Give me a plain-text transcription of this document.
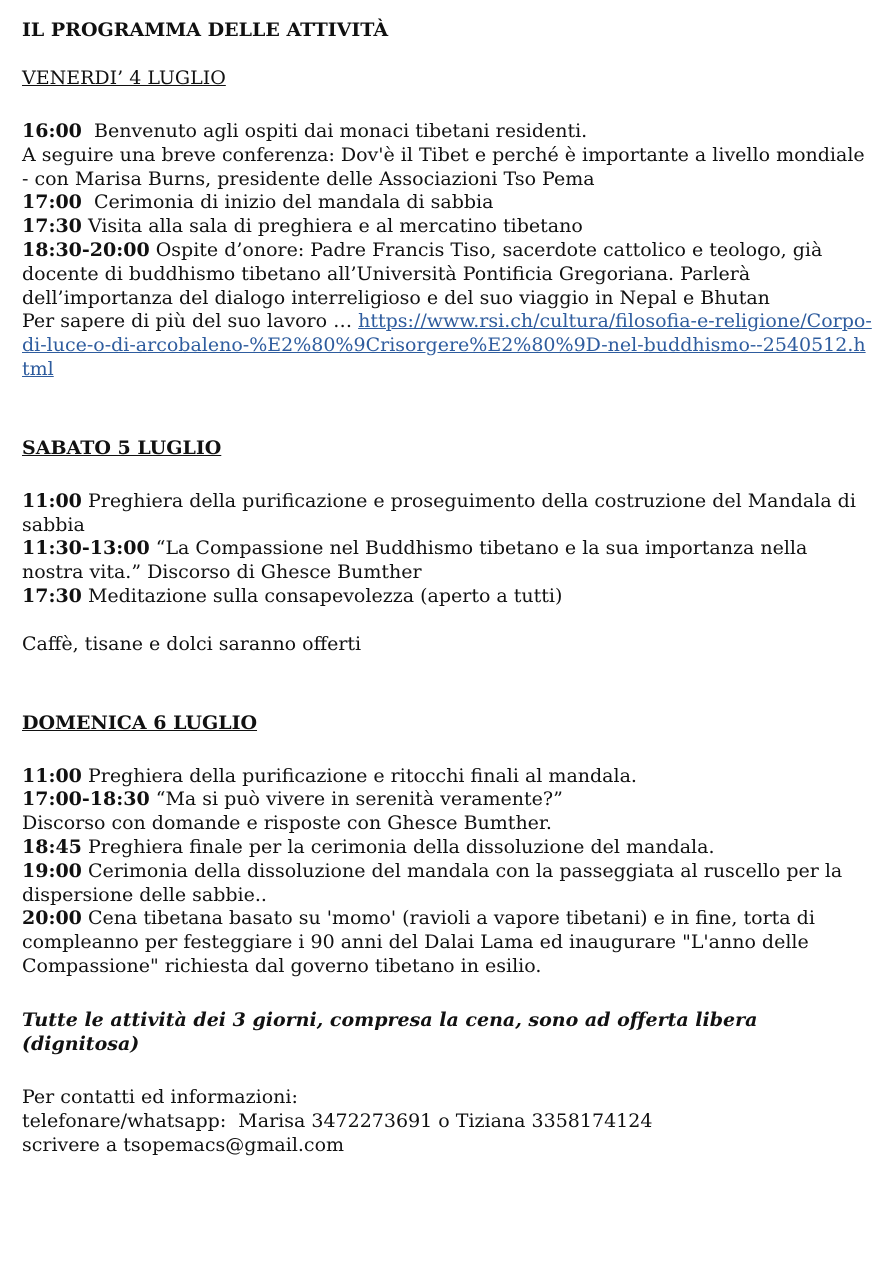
IL PROGRAMMA DELLE ATTIVITÀ
VENERDI’ 4 LUGLIO
16:00  Benvenuto agli ospiti dai monaci tibetani residenti.
A seguire una breve conferenza: Dov'è il Tibet e perché è importante a livello mondiale - con Marisa Burns, presidente delle Associazioni Tso Pema
17:00  Cerimonia di inizio del mandala di sabbia
17:30 Visita alla sala di preghiera e al mercatino tibetano
18:30-20:00 Ospite d’onore: Padre Francis Tiso, sacerdote cattolico e teologo, già docente di buddhismo tibetano all’Università Pontificia Gregoriana. Parlerà dell’importanza del dialogo interreligioso e del suo viaggio in Nepal e Bhutan
Per sapere di più del suo lavoro … https://www.rsi.ch/cultura/filosofia-e-religione/Corpo-di-luce-o-di-arcobaleno-%E2%80%9Crisorgere%E2%80%9D-nel-buddhismo--2540512.html
SABATO 5 LUGLIO
11:00 Preghiera della purificazione e proseguimento della costruzione del Mandala di sabbia
11:30-13:00 “La Compassione nel Buddhismo tibetano e la sua importanza nella nostra vita.” Discorso di Ghesce Bumther
17:30 Meditazione sulla consapevolezza (aperto a tutti)
Caffè, tisane e dolci saranno offerti
DOMENICA 6 LUGLIO
11:00 Preghiera della purificazione e ritocchi finali al mandala.
17:00-18:30 “Ma si può vivere in serenità veramente?”
Discorso con domande e risposte con Ghesce Bumther.
18:45 Preghiera finale per la cerimonia della dissoluzione del mandala.
19:00 Cerimonia della dissoluzione del mandala con la passeggiata al ruscello per la dispersione delle sabbie..
20:00 Cena tibetana basato su 'momo' (ravioli a vapore tibetani) e in fine, torta di compleanno per festeggiare i 90 anni del Dalai Lama ed inaugurare "L'anno delle Compassione" richiesta dal governo tibetano in esilio.
Tutte le attività dei 3 giorni, compresa la cena, sono ad offerta libera (dignitosa)
Per contatti ed informazioni:
telefonare/whatsapp:  Marisa 3472273691 o Tiziana 3358174124
scrivere a tsopemacs@gmail.com
